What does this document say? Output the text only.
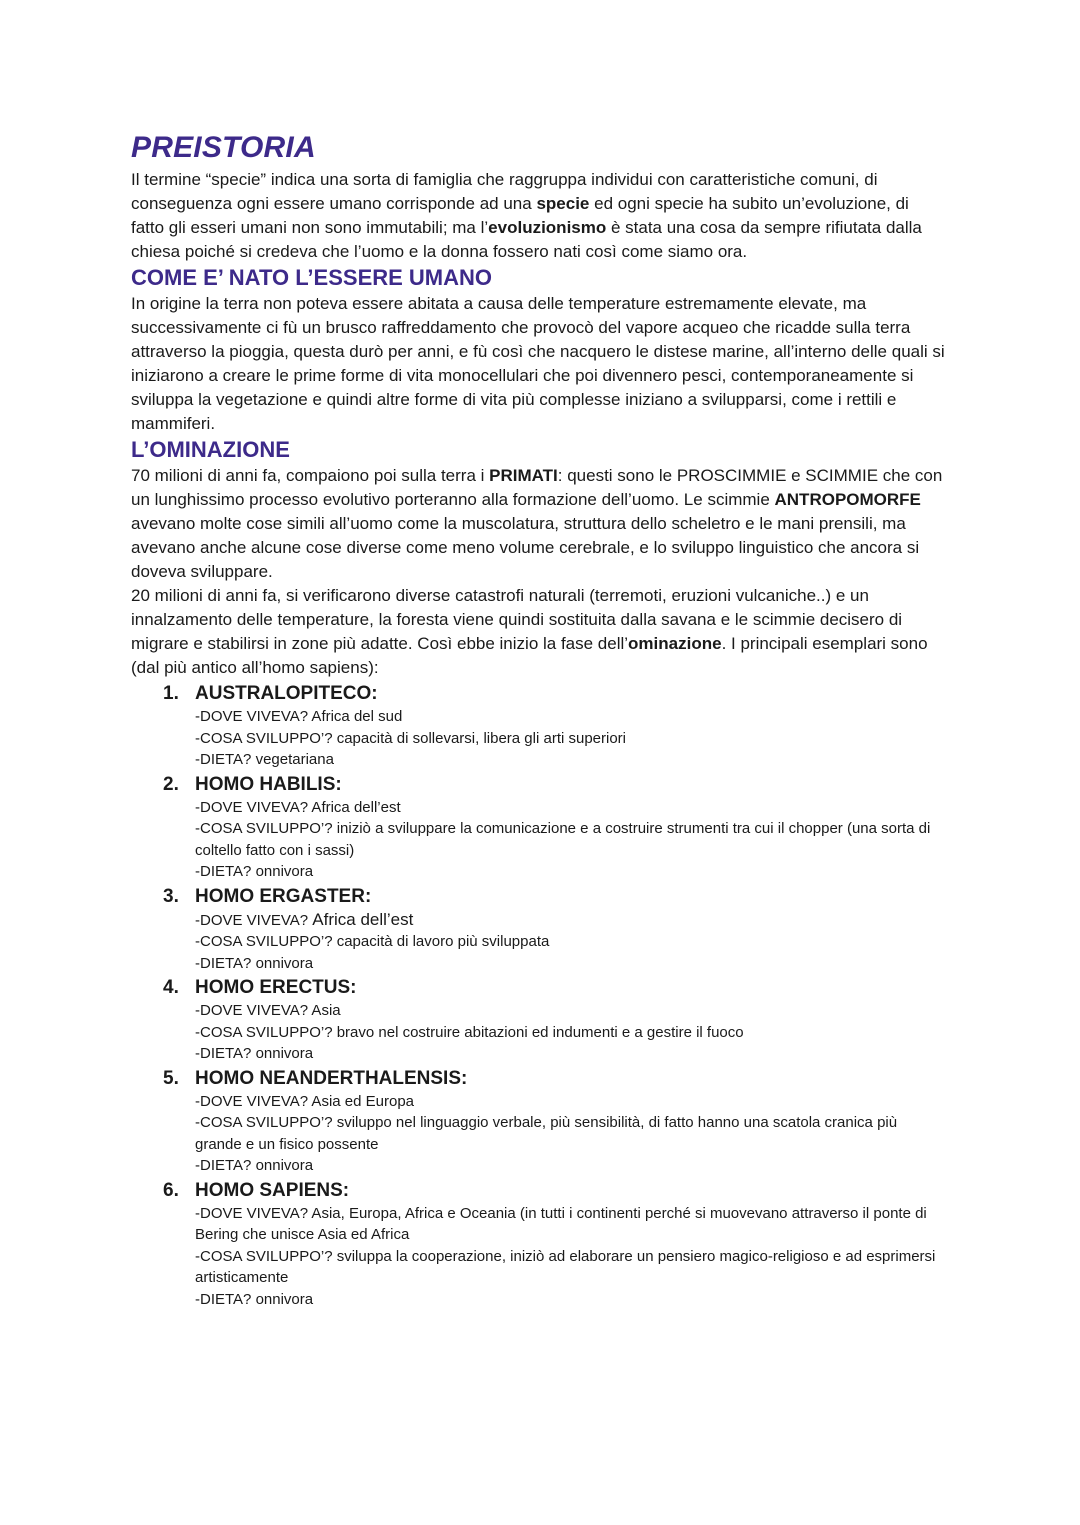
PREISTORIA

Il termine “specie” indica una sorta di famiglia che raggruppa individui con caratteristiche comuni, di conseguenza ogni essere umano corrisponde ad una specie ed ogni specie ha subito un’evoluzione, di fatto gli esseri umani non sono immutabili; ma l’evoluzionismo è stata una cosa da sempre rifiutata dalla chiesa poiché si credeva che l’uomo e la donna fossero nati così come siamo ora.

COME E’ NATO L’ESSERE UMANO

In origine la terra non poteva essere abitata a causa delle temperature estremamente elevate, ma successivamente ci fù un brusco raffreddamento che provocò del vapore acqueo che ricadde sulla terra attraverso la pioggia, questa durò per anni, e fù così che nacquero le distese marine, all’interno delle quali si iniziarono a creare le prime forme di vita monocellulari che poi divennero pesci, contemporaneamente si sviluppa la vegetazione e quindi altre forme di vita più complesse iniziano a svilupparsi, come i rettili e mammiferi.

L’OMINAZIONE

70 milioni di anni fa, compaiono poi sulla terra i PRIMATI: questi sono le PROSCIMMIE e SCIMMIE che con un lunghissimo processo evolutivo porteranno alla formazione dell’uomo. Le scimmie ANTROPOMORFE avevano molte cose simili all’uomo come la muscolatura, struttura dello scheletro e le mani prensili, ma avevano anche alcune cose diverse come meno volume cerebrale, e lo sviluppo linguistico che ancora si doveva sviluppare.

20 milioni di anni fa, si verificarono diverse catastrofi naturali (terremoti, eruzioni vulcaniche..) e un innalzamento delle temperature, la foresta viene quindi sostituita dalla savana e le scimmie decisero di migrare e stabilirsi in zone più adatte. Così ebbe inizio la fase dell’ominazione. I principali esemplari sono (dal più antico all’homo sapiens):

1. AUSTRALOPITECO:
-DOVE VIVEVA? Africa del sud
-COSA SVILUPPO’? capacità di sollevarsi, libera gli arti superiori
-DIETA? vegetariana
2. HOMO HABILIS:
-DOVE VIVEVA? Africa dell’est
-COSA SVILUPPO’? iniziò a sviluppare la comunicazione e a costruire strumenti tra cui il chopper (una sorta di coltello fatto con i sassi)
-DIETA? onnivora
3. HOMO ERGASTER:
-DOVE VIVEVA? Africa dell’est
-COSA SVILUPPO’? capacità di lavoro più sviluppata
-DIETA? onnivora
4. HOMO ERECTUS:
-DOVE VIVEVA? Asia
-COSA SVILUPPO’? bravo nel costruire abitazioni ed indumenti e a gestire il fuoco
-DIETA? onnivora
5. HOMO NEANDERTHALENSIS:
-DOVE VIVEVA? Asia ed Europa
-COSA SVILUPPO’? sviluppo nel linguaggio verbale, più sensibilità, di fatto hanno una scatola cranica più grande e un fisico possente
-DIETA? onnivora
6. HOMO SAPIENS:
-DOVE VIVEVA? Asia, Europa, Africa e Oceania (in tutti i continenti perché si muovevano attraverso il ponte di Bering che unisce Asia ed Africa
-COSA SVILUPPO’? sviluppa la cooperazione, iniziò ad elaborare un pensiero magico-religioso e ad esprimersi artisticamente
-DIETA? onnivora
